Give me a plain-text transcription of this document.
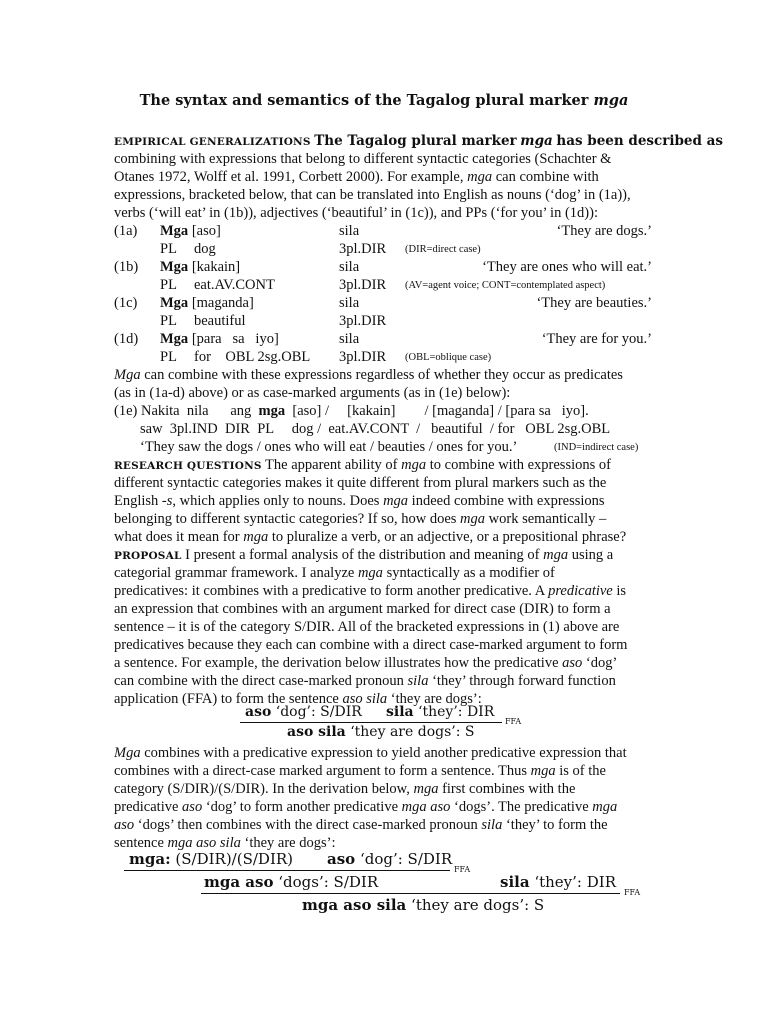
The syntax and semantics of the Tagalog plural marker mga
EMPIRICAL GENERALIZATIONS The Tagalog plural marker mga has been described as
combining with expressions that belong to different syntactic categories (Schachter &
Otanes 1972, Wolff et al. 1991, Corbett 2000). For example, mga can combine with
expressions, bracketed below, that can be translated into English as nouns (‘dog’ in (1a)),
verbs (‘will eat’ in (1b)), adjectives (‘beautiful’ in (1c)), and PPs (‘for you’ in (1d)):
(1a) Mga [aso]	sila	‘They are dogs.’
PL dog	3pl.DIR (DIR=direct case)
(1b) Mga [kakain]	sila	‘They are ones who will eat.’
PL eat.AV.CONT	3pl.DIR (AV=agent voice; CONT=contemplated aspect)
(1c) Mga [maganda]	sila	‘They are beauties.’
PL beautiful	3pl.DIR
(1d) Mga [para   sa   iyo]	sila	‘They are for you.’
PL for    OBL 2sg.OBL 3pl.DIR (OBL=oblique case)
Mga can combine with these expressions regardless of whether they occur as predicates
(as in (1a-d) above) or as case-marked arguments (as in (1e) below):
(1e) Nakita  nila      ang mga  [aso] /     [kakain]        / [maganda] / [para sa   iyo].
saw  3pl.IND  DIR  PL     dog /  eat.AV.CONT  /   beautiful  / for   OBL 2sg.OBL
‘They saw the dogs / ones who will eat / beauties / ones for you.’	(IND=indirect case)
RESEARCH QUESTIONS The apparent ability of mga to combine with expressions of
different syntactic categories makes it quite different from plural markers such as the
English -s, which applies only to nouns. Does mga indeed combine with expressions
belonging to different syntactic categories? If so, how does mga work semantically –
what does it mean for mga to pluralize a verb, or an adjective, or a prepositional phrase?
PROPOSAL I present a formal analysis of the distribution and meaning of mga using a
categorial grammar framework. I analyze mga syntactically as a modifier of
predicatives: it combines with a predicative to form another predicative. A predicative is
an expression that combines with an argument marked for direct case (DIR) to form a
sentence – it is of the category S/DIR. All of the bracketed expressions in (1) above are
predicatives because they each can combine with a direct case-marked argument to form
a sentence. For example, the derivation below illustrates how the predicative aso ‘dog’
can combine with the direct case-marked pronoun sila ‘they’ through forward function
application (FFA) to form the sentence aso sila ‘they are dogs’:
aso ‘dog’: S/DIR sila ‘they’: DIR
FFA
aso sila ‘they are dogs’: S
Mga combines with a predicative expression to yield another predicative expression that
combines with a direct-case marked argument to form a sentence. Thus mga is of the
category (S/DIR)/(S/DIR). In the derivation below, mga first combines with the
predicative aso ‘dog’ to form another predicative mga aso ‘dogs’. The predicative mga
aso ‘dogs’ then combines with the direct case-marked pronoun sila ‘they’ to form the
sentence mga aso sila ‘they are dogs’:
mga: (S/DIR)/(S/DIR) aso ‘dog’: S/DIR
FFA
mga aso ‘dogs’: S/DIR	sila ‘they’: DIR
FFA
mga aso sila ‘they are dogs’: S
